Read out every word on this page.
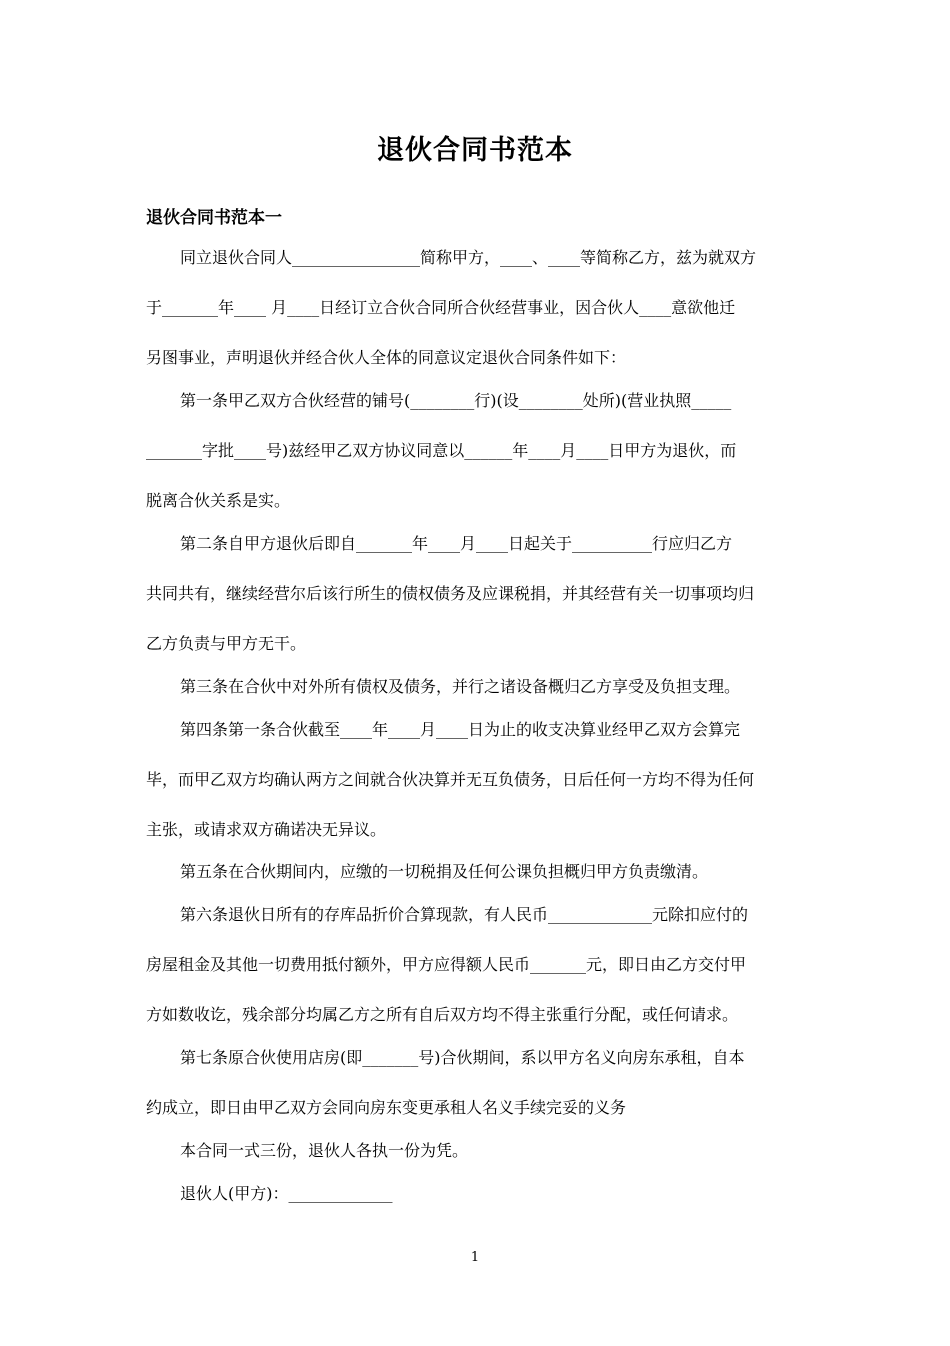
退伙合同书范本
退伙合同书范本一
同立退伙合同人________________简称甲方，____、____等简称乙方，兹为就双方
于_______年____ 月____日经订立合伙合同所合伙经营事业，因合伙人____意欲他迁
另图事业，声明退伙并经合伙人全体的同意议定退伙合同条件如下：
第一条甲乙双方合伙经营的铺号(________行)(设________处所)(营业执照_____
_______字批____号)兹经甲乙双方协议同意以______年____月____日甲方为退伙，而
脱离合伙关系是实。
第二条自甲方退伙后即自_______年____月____日起关于__________行应归乙方
共同共有，继续经营尔后该行所生的债权债务及应课税捐，并其经营有关一切事项均归
乙方负责与甲方无干。
第三条在合伙中对外所有债权及债务，并行之诸设备概归乙方享受及负担支理。
第四条第一条合伙截至____年____月____日为止的收支决算业经甲乙双方会算完
毕，而甲乙双方均确认两方之间就合伙决算并无互负债务，日后任何一方均不得为任何
主张，或请求双方确诺决无异议。
第五条在合伙期间内，应缴的一切税捐及任何公课负担概归甲方负责缴清。
第六条退伙日所有的存库品折价合算现款，有人民币_____________元除扣应付的
房屋租金及其他一切费用抵付额外，甲方应得额人民币_______元，即日由乙方交付甲
方如数收讫，残余部分均属乙方之所有自后双方均不得主张重行分配，或任何请求。
第七条原合伙使用店房(即_______号)合伙期间，系以甲方名义向房东承租，自本
约成立，即日由甲乙双方会同向房东变更承租人名义手续完妥的义务
本合同一式三份，退伙人各执一份为凭。
退伙人(甲方)：_____________
1
